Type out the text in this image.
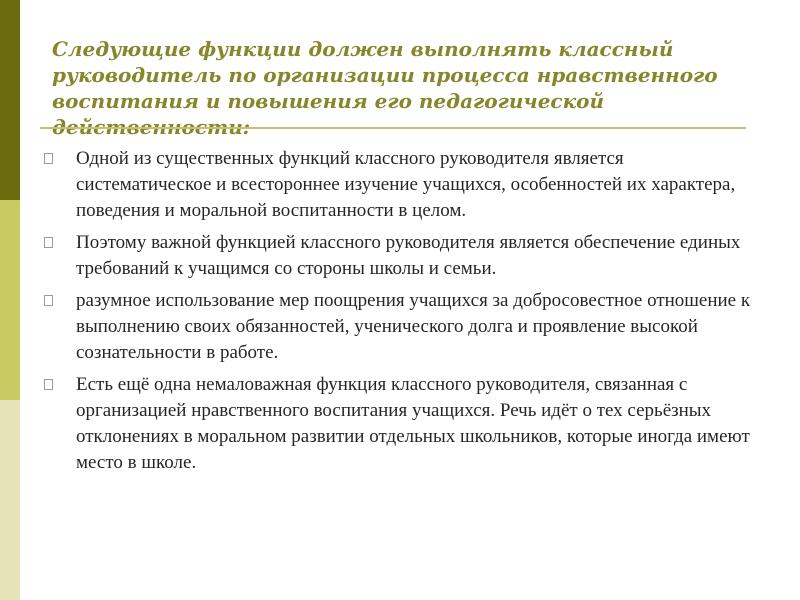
Следующие функции должен выполнять классный руководитель по организации процесса нравственного воспитания и повышения его педагогической действенности:
Одной из существенных функций классного руководителя является систематическое и всестороннее изучение учащихся, особенностей их характера, поведения и моральной воспитанности в целом.
Поэтому важной функцией классного руководителя является обеспечение единых требований к учащимся со стороны школы и семьи.
разумное использование мер поощрения учащихся за добросовестное отношение к выполнению своих обязанностей, ученического долга и проявление высокой сознательности в работе.
Есть ещё одна немаловажная функция классного руководителя, связанная с организацией нравственного воспитания учащихся. Речь идёт о тех серьёзных отклонениях в моральном развитии отдельных школьников, которые иногда имеют место в школе.
